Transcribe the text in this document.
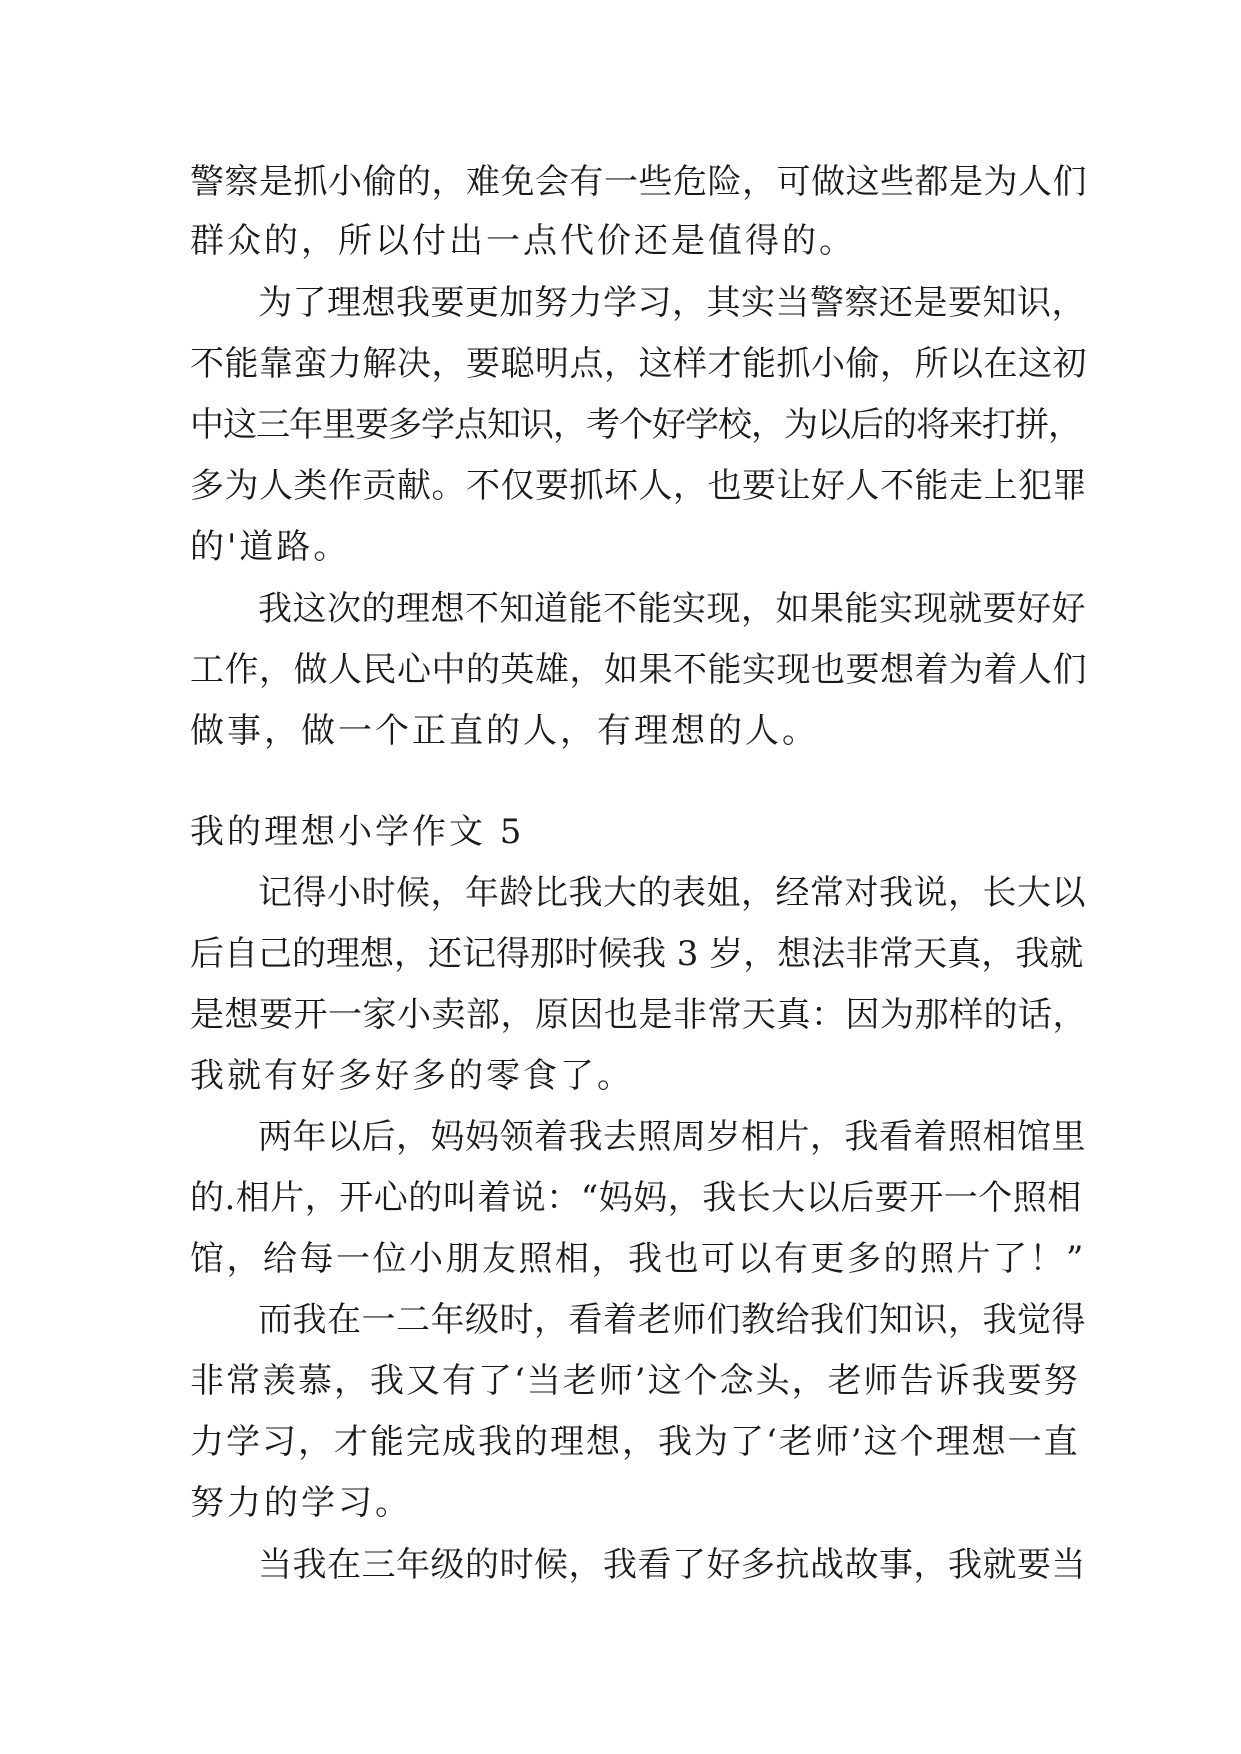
警察是抓小偷的，难免会有一些危险，可做这些都是为人们
群众的，所以付出一点代价还是值得的。
为了理想我要更加努力学习，其实当警察还是要知识，
不能靠蛮力解决，要聪明点，这样才能抓小偷，所以在这初
中这三年里要多学点知识，考个好学校，为以后的将来打拼，
多为人类作贡献。不仅要抓坏人，也要让好人不能走上犯罪
的'道路。
我这次的理想不知道能不能实现，如果能实现就要好好
工作，做人民心中的英雄，如果不能实现也要想着为着人们
做事，做一个正直的人，有理想的人。
我的理想小学作文 5
记得小时候，年龄比我大的表姐，经常对我说，长大以
后自己的理想，还记得那时候我 3 岁，想法非常天真，我就
是想要开一家小卖部，原因也是非常天真：因为那样的话，
我就有好多好多的零食了。
两年以后，妈妈领着我去照周岁相片，我看着照相馆里
的.相片，开心的叫着说：“妈妈，我长大以后要开一个照相
馆，给每一位小朋友照相，我也可以有更多的照片了！”
而我在一二年级时，看着老师们教给我们知识，我觉得
非常羡慕，我又有了‘当老师’这个念头，老师告诉我要努
力学习，才能完成我的理想，我为了‘老师’这个理想一直
努力的学习。
当我在三年级的时候，我看了好多抗战故事，我就要当
